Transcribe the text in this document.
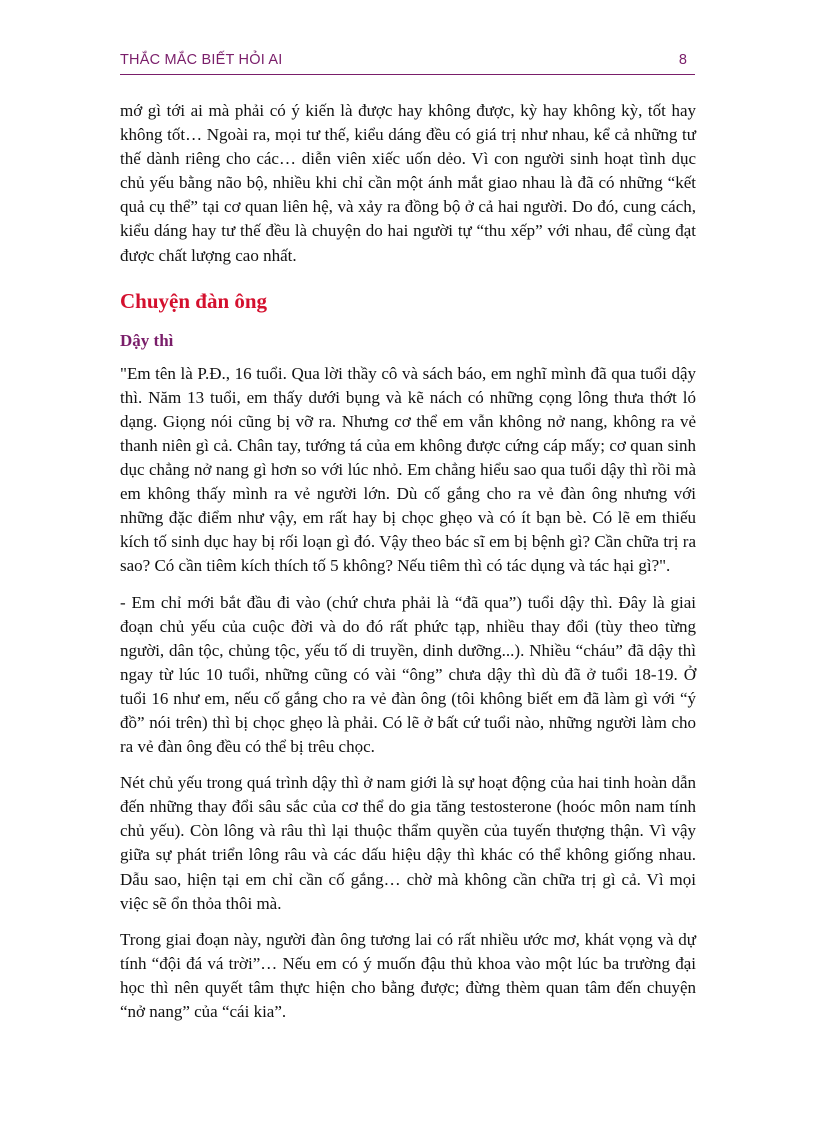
THẮC MẮC BIẾT HỎI AI	8

mớ gì tới ai mà phải có ý kiến là được hay không được, kỳ hay không kỳ, tốt hay không tốt… Ngoài ra, mọi tư thế, kiểu dáng đều có giá trị như nhau, kể cả những tư thế dành riêng cho các… diễn viên xiếc uốn dẻo. Vì con người sinh hoạt tình dục chủ yếu bằng não bộ, nhiều khi chỉ cần một ánh mắt giao nhau là đã có những “kết quả cụ thể” tại cơ quan liên hệ, và xảy ra đồng bộ ở cả hai người. Do đó, cung cách, kiểu dáng hay tư thế đều là chuyện do hai người tự “thu xếp” với nhau, để cùng đạt được chất lượng cao nhất.

Chuyện đàn ông
Dậy thì

"Em tên là P.Đ., 16 tuổi. Qua lời thầy cô và sách báo, em nghĩ mình đã qua tuổi dậy thì. Năm 13 tuổi, em thấy dưới bụng và kẽ nách có những cọng lông thưa thớt ló dạng. Giọng nói cũng bị vỡ ra. Nhưng cơ thể em vẫn không nở nang, không ra vẻ thanh niên gì cả. Chân tay, tướng tá của em không được cứng cáp mấy; cơ quan sinh dục chẳng nở nang gì hơn so với lúc nhỏ. Em chẳng hiểu sao qua tuổi dậy thì rồi mà em không thấy mình ra vẻ người lớn. Dù cố gắng cho ra vẻ đàn ông nhưng với những đặc điểm như vậy, em rất hay bị chọc ghẹo và có ít bạn bè. Có lẽ em thiếu kích tố sinh dục hay bị rối loạn gì đó. Vậy theo bác sĩ em bị bệnh gì? Cần chữa trị ra sao? Có cần tiêm kích thích tố 5 không? Nếu tiêm thì có tác dụng và tác hại gì?".

- Em chỉ mới bắt đầu đi vào (chứ chưa phải là “đã qua”) tuổi dậy thì. Đây là giai đoạn chủ yếu của cuộc đời và do đó rất phức tạp, nhiều thay đổi (tùy theo từng người, dân tộc, chủng tộc, yếu tố di truyền, dinh dưỡng...). Nhiều “cháu” đã dậy thì ngay từ lúc 10 tuổi, những cũng có vài “ông” chưa dậy thì dù đã ở tuổi 18-19. Ở tuổi 16 như em, nếu cố gắng cho ra vẻ đàn ông (tôi không biết em đã làm gì với “ý đồ” nói trên) thì bị chọc ghẹo là phải. Có lẽ ở bất cứ tuổi nào, những người làm cho ra vẻ đàn ông đều có thể bị trêu chọc.

Nét chủ yếu trong quá trình dậy thì ở nam giới là sự hoạt động của hai tinh hoàn dẫn đến những thay đổi sâu sắc của cơ thể do gia tăng testosterone (hoóc môn nam tính chủ yếu). Còn lông và râu thì lại thuộc thẩm quyền của tuyến thượng thận. Vì vậy giữa sự phát triển lông râu và các dấu hiệu dậy thì khác có thể không giống nhau. Dẫu sao, hiện tại em chỉ cần cố gắng… chờ mà không cần chữa trị gì cả. Vì mọi việc sẽ ổn thỏa thôi mà.

Trong giai đoạn này, người đàn ông tương lai có rất nhiều ước mơ, khát vọng và dự tính “đội đá vá trời”… Nếu em có ý muốn đậu thủ khoa vào một lúc ba trường đại học thì nên quyết tâm thực hiện cho bằng được; đừng thèm quan tâm đến chuyện “nở nang” của “cái kia”.
